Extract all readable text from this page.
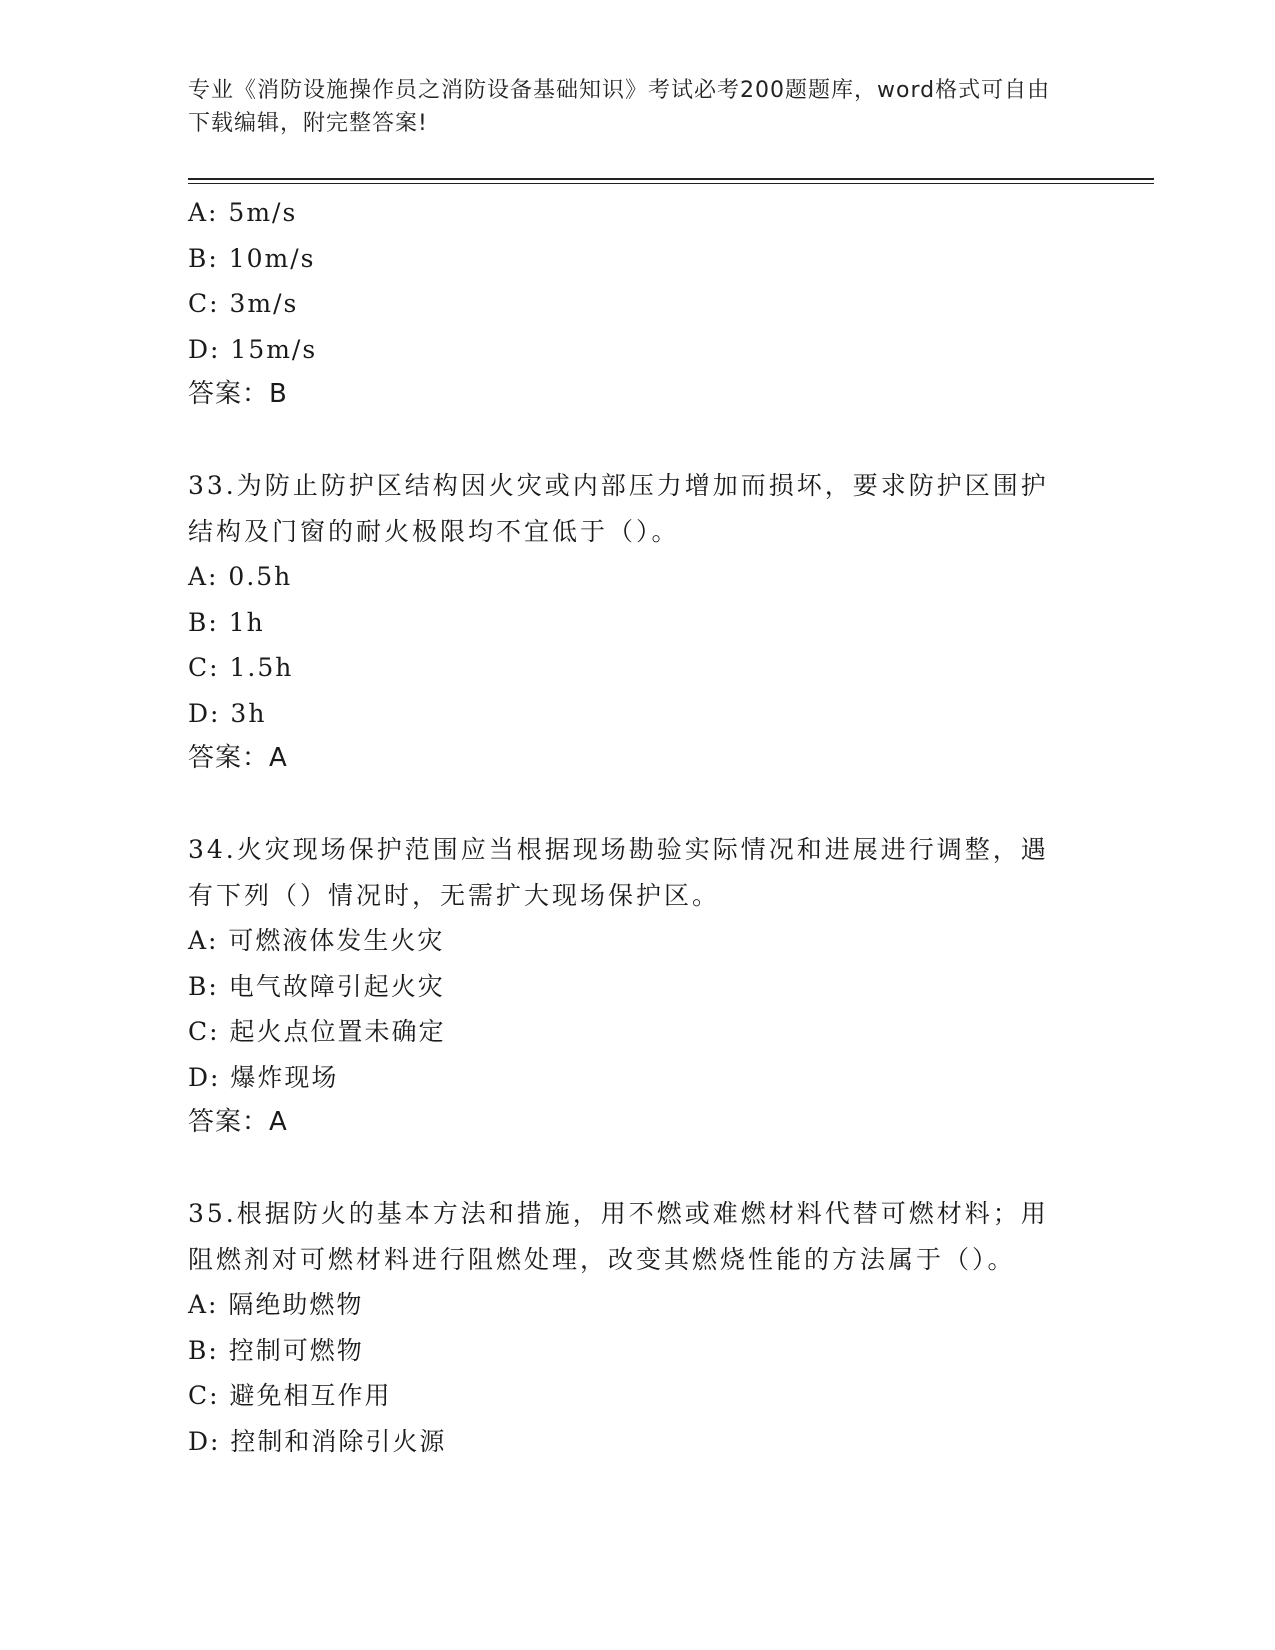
专业《消防设施操作员之消防设备基础知识》考试必考200题题库，word格式可自由下载编辑，附完整答案!
A: 5m/s
B: 10m/s
C: 3m/s
D: 15m/s
答案：B
33.为防止防护区结构因火灾或内部压力增加而损坏，要求防护区围护结构及门窗的耐火极限均不宜低于（）。
A: 0.5h
B: 1h
C: 1.5h
D: 3h
答案：A
34.火灾现场保护范围应当根据现场勘验实际情况和进展进行调整，遇有下列（）情况时，无需扩大现场保护区。
A: 可燃液体发生火灾
B: 电气故障引起火灾
C: 起火点位置未确定
D: 爆炸现场
答案：A
35.根据防火的基本方法和措施，用不燃或难燃材料代替可燃材料；用阻燃剂对可燃材料进行阻燃处理，改变其燃烧性能的方法属于（）。
A: 隔绝助燃物
B: 控制可燃物
C: 避免相互作用
D: 控制和消除引火源
